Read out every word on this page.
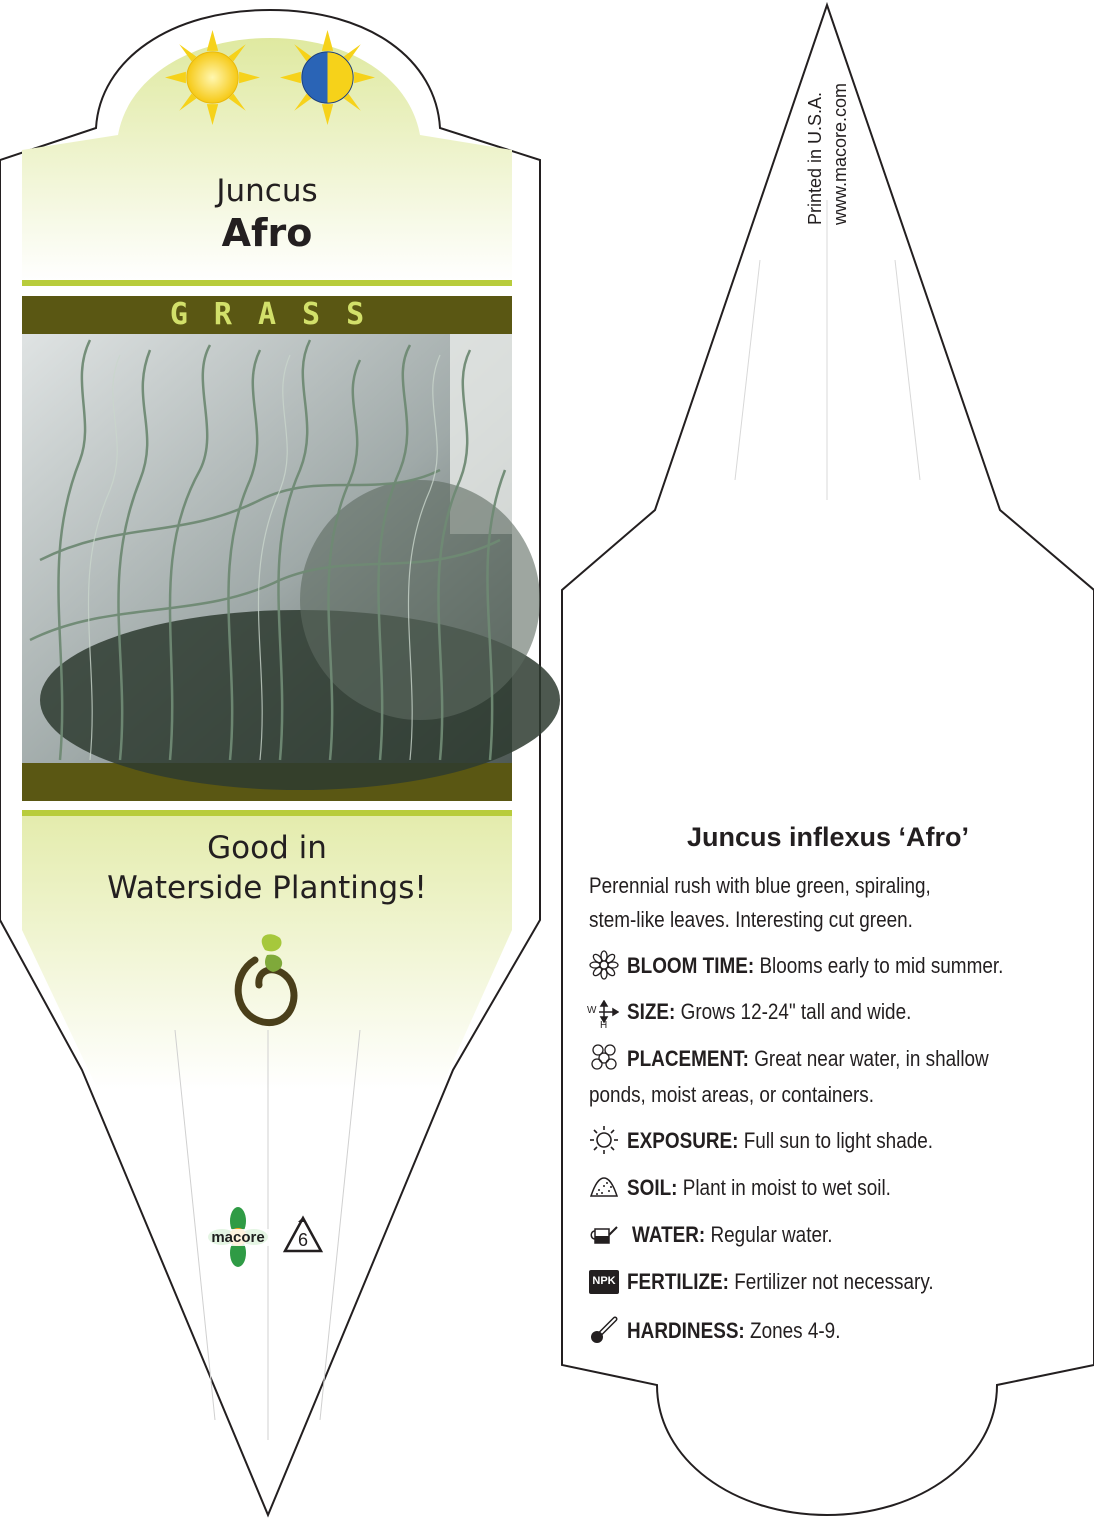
Juncus
Afro
GRASS
Good in
Waterside Plantings!
macore	6
Printed in U.S.A. www.macore.com
Juncus inflexus ‘Afro’
Perennial rush with blue green, spiraling,
stem-like leaves. Interesting cut green.
BLOOM TIME: Blooms early to mid summer.
W
H
SIZE: Grows 12-24" tall and wide.
PLACEMENT: Great near water, in shallow
ponds, moist areas, or containers.
EXPOSURE: Full sun to light shade.
SOIL: Plant in moist to wet soil.
WATER: Regular water.
NPK FERTILIZE: Fertilizer not necessary.
HARDINESS: Zones 4-9.
